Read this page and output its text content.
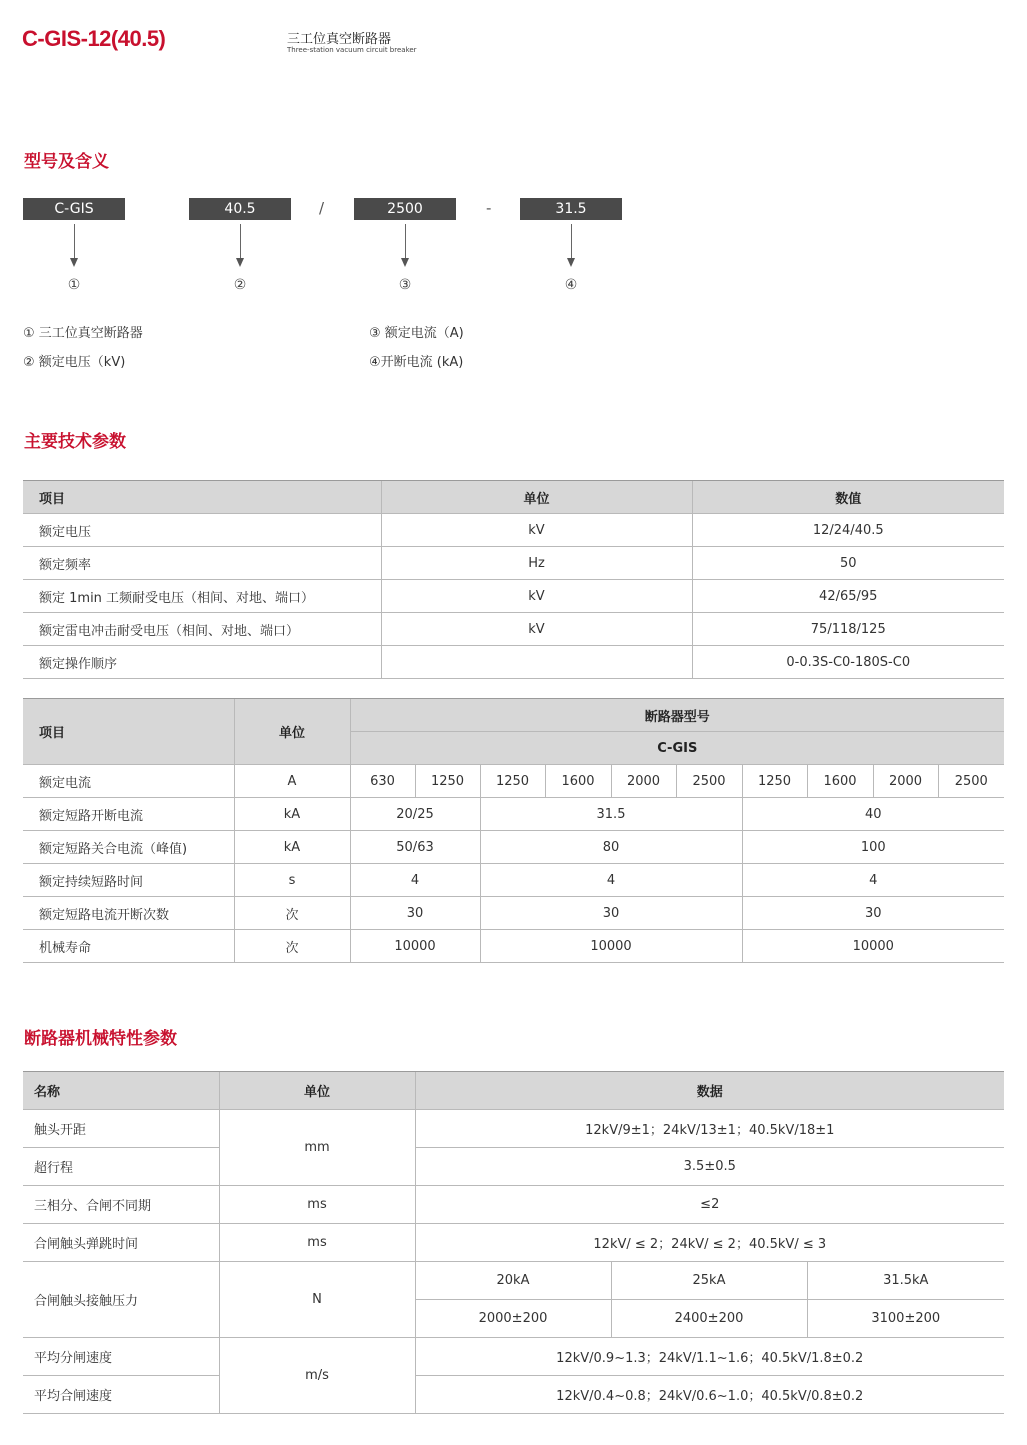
C-GIS-12(40.5)	三工位真空断路器
Three-station vacuum circuit breaker
型号及含义
C-GIS	40.5	2500	31.5
/	-
①	②	③	④
① 三工位真空断路器	③ 额定电流（A)
② 额定电压（kV)	④开断电流 (kA)
主要技术参数
项目	单位	数值
额定电压	kV	12/24/40.5
额定频率	Hz	50
额定 1min 工频耐受电压（相间、对地、端口）	kV	42/65/95
额定雷电冲击耐受电压（相间、对地、端口）	kV	75/118/125
额定操作顺序		0-0.3S-C0-180S-C0
项目	单位	断路器型号									
		C-GIS									
额定电流	A	630	1250	1250	1600	2000	2500	1250	1600	2000	2500
额定短路开断电流	kA	20/25		31.5				40			
额定短路关合电流（峰值)	kA	50/63		80				100			
额定持续短路时间	s	4		4				4			
额定短路电流开断次数	次	30		30				30			
机械寿命	次	10000		10000				10000			
断路器机械特性参数
名称	单位	数据		
触头开距	mm	12kV/9±1；24kV/13±1；40.5kV/18±1		
超行程		3.5±0.5		
三相分、合闸不同期	ms	≤2		
合闸触头弹跳时间	ms	12kV/ ≤ 2；24kV/ ≤ 2；40.5kV/ ≤ 3		
合闸触头接触压力	N	20kA	25kA	31.5kA
		2000±200	2400±200	3100±200
平均分闸速度	m/s	12kV/0.9~1.3；24kV/1.1~1.6；40.5kV/1.8±0.2		
平均合闸速度		12kV/0.4~0.8；24kV/0.6~1.0；40.5kV/0.8±0.2		
